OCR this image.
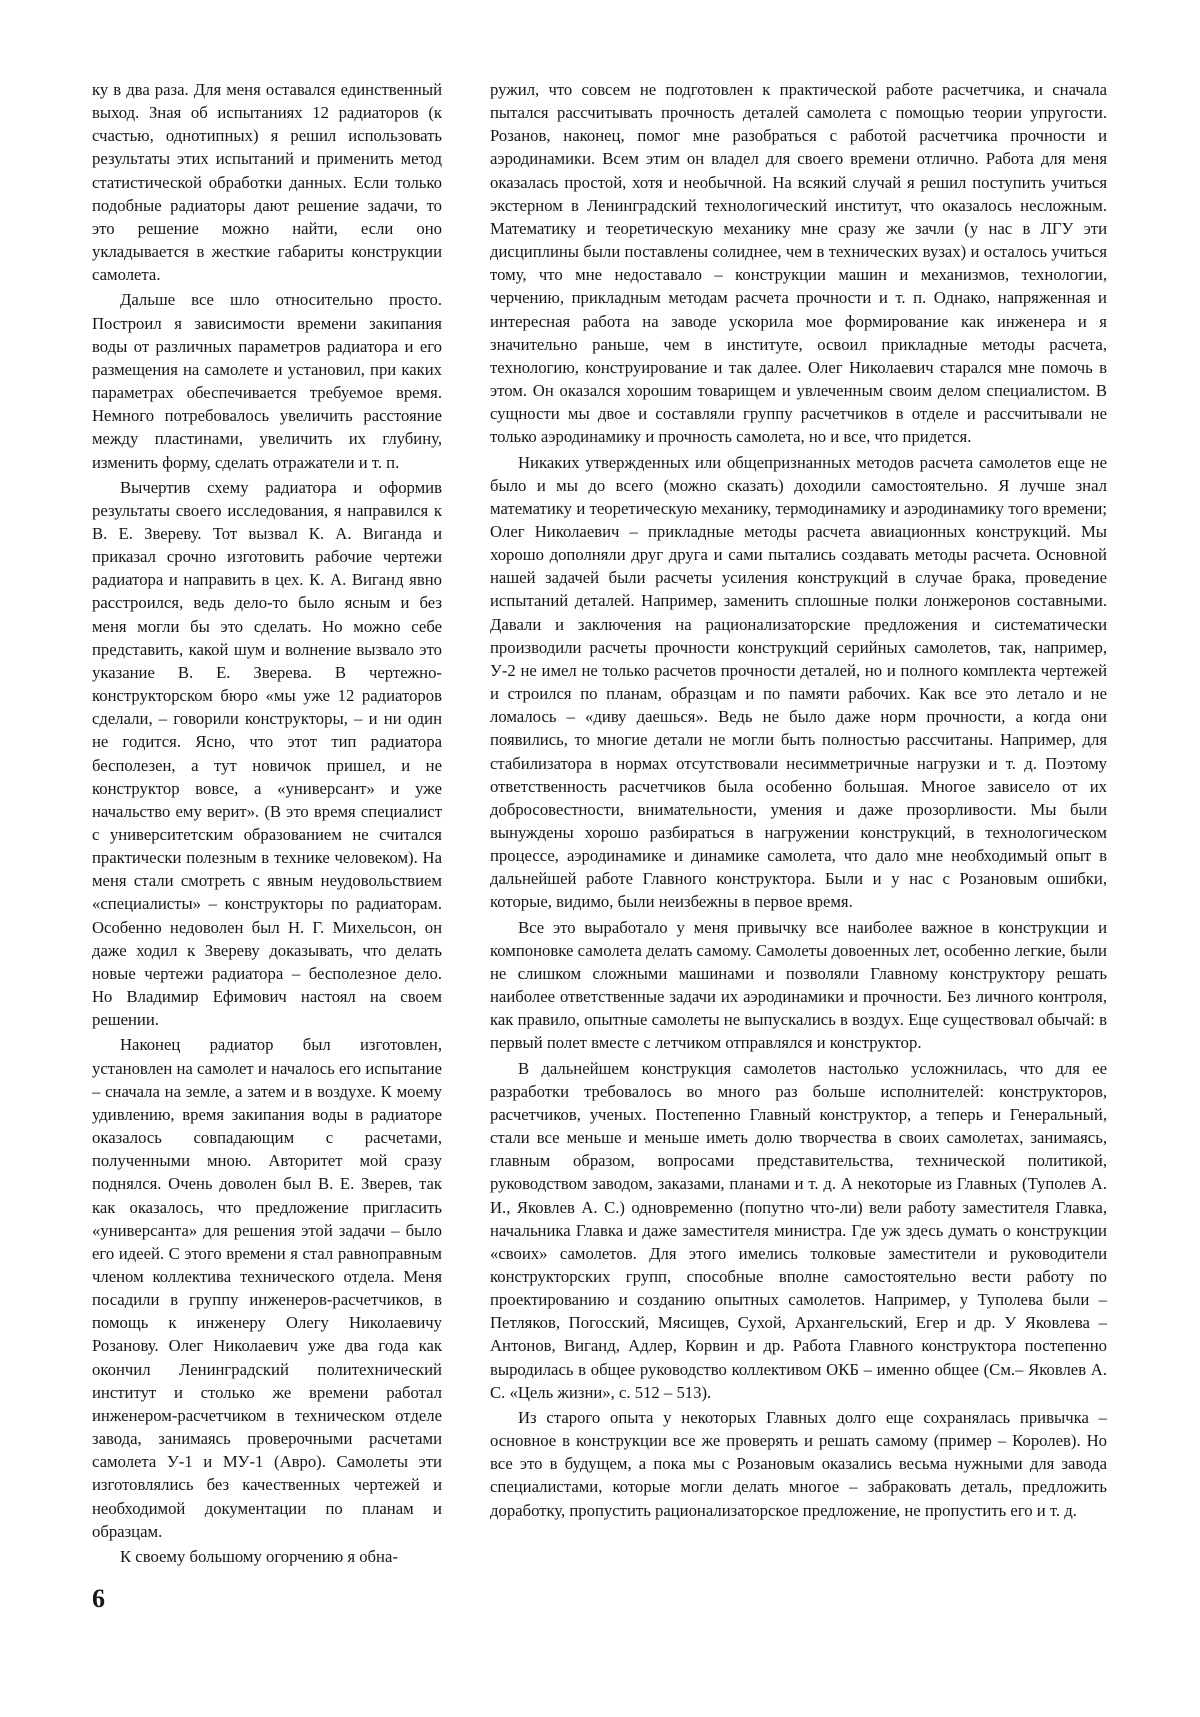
ку в два раза. Для меня оставался единственный выход. Зная об испытаниях 12 радиаторов (к счастью, однотипных) я решил использовать результаты этих испытаний и применить метод статистической обработки данных. Если только подобные радиаторы дают решение задачи, то это решение можно найти, если оно укладывается в жесткие габариты конструкции самолета.

Дальше все шло относительно просто. Построил я зависимости времени закипания воды от различных параметров радиатора и его размещения на самолете и установил, при каких параметрах обеспечивается требуемое время. Немного потребовалось увеличить расстояние между пластинами, увеличить их глубину, изменить форму, сделать отражатели и т. п.

Вычертив схему радиатора и оформив результаты своего исследования, я направился к В. Е. Звереву. Тот вызвал К. А. Виганда и приказал срочно изготовить рабочие чертежи радиатора и направить в цех. К. А. Виганд явно расстроился, ведь дело-то было ясным и без меня могли бы это сделать. Но можно себе представить, какой шум и волнение вызвало это указание В. Е. Зверева. В чертежно-конструкторском бюро «мы уже 12 радиаторов сделали, – говорили конструкторы, – и ни один не годится. Ясно, что этот тип радиатора бесполезен, а тут новичок пришел, и не конструктор вовсе, а «универсант» и уже начальство ему верит». (В это время специалист с университетским образованием не считался практически полезным в технике человеком). На меня стали смотреть с явным неудовольствием «специалисты» – конструкторы по радиаторам. Особенно недоволен был Н. Г. Михельсон, он даже ходил к Звереву доказывать, что делать новые чертежи радиатора – бесполезное дело. Но Владимир Ефимович настоял на своем решении.

Наконец радиатор был изготовлен, установлен на самолет и началось его испытание – сначала на земле, а затем и в воздухе. К моему удивлению, время закипания воды в радиаторе оказалось совпадающим с расчетами, полученными мною. Авторитет мой сразу поднялся. Очень доволен был В. Е. Зверев, так как оказалось, что предложение пригласить «универсанта» для решения этой задачи – было его идеей. С этого времени я стал равноправным членом коллектива технического отдела. Меня посадили в группу инженеров-расчетчиков, в помощь к инженеру Олегу Николаевичу Розанову. Олег Николаевич уже два года как окончил Ленинградский политехнический институт и столько же времени работал инженером-расчетчиком в техническом отделе завода, занимаясь проверочными расчетами самолета У-1 и МУ-1 (Авро). Самолеты эти изготовлялись без качественных чертежей и необходимой документации по планам и образцам.

К своему большому огорчению я обна-

ружил, что совсем не подготовлен к практической работе расчетчика, и сначала пытался рассчитывать прочность деталей самолета с помощью теории упругости. Розанов, наконец, помог мне разобраться с работой расчетчика прочности и аэродинамики. Всем этим он владел для своего времени отлично. Работа для меня оказалась простой, хотя и необычной. На всякий случай я решил поступить учиться экстерном в Ленинградский технологический институт, что оказалось несложным. Математику и теоретическую механику мне сразу же зачли (у нас в ЛГУ эти дисциплины были поставлены солиднее, чем в технических вузах) и осталось учиться тому, что мне недоставало – конструкции машин и механизмов, технологии, черчению, прикладным методам расчета прочности и т. п. Однако, напряженная и интересная работа на заводе ускорила мое формирование как инженера и я значительно раньше, чем в институте, освоил прикладные методы расчета, технологию, конструирование и так далее. Олег Николаевич старался мне помочь в этом. Он оказался хорошим товарищем и увлеченным своим делом специалистом. В сущности мы двое и составляли группу расчетчиков в отделе и рассчитывали не только аэродинамику и прочность самолета, но и все, что придется.

Никаких утвержденных или общепризнанных методов расчета самолетов еще не было и мы до всего (можно сказать) доходили самостоятельно. Я лучше знал математику и теоретическую механику, термодинамику и аэродинамику того времени; Олег Николаевич – прикладные методы расчета авиационных конструкций. Мы хорошо дополняли друг друга и сами пытались создавать методы расчета. Основной нашей задачей были расчеты усиления конструкций в случае брака, проведение испытаний деталей. Например, заменить сплошные полки лонжеронов составными. Давали и заключения на рационализаторские предложения и систематически производили расчеты прочности конструкций серийных самолетов, так, например, У-2 не имел не только расчетов прочности деталей, но и полного комплекта чертежей и строился по планам, образцам и по памяти рабочих. Как все это летало и не ломалось – «диву даешься». Ведь не было даже норм прочности, а когда они появились, то многие детали не могли быть полностью рассчитаны. Например, для стабилизатора в нормах отсутствовали несимметричные нагрузки и т. д. Поэтому ответственность расчетчиков была особенно большая. Многое зависело от их добросовестности, внимательности, умения и даже прозорливости. Мы были вынуждены хорошо разбираться в нагружении конструкций, в технологическом процессе, аэродинамике и динамике самолета, что дало мне необходимый опыт в дальнейшей работе Главного конструктора. Были и у нас с Розановым ошибки, которые, видимо, были неизбежны в первое время.

Все это выработало у меня привычку все наиболее важное в конструкции и компоновке самолета делать самому. Самолеты довоенных лет, особенно легкие, были не слишком сложными машинами и позволяли Главному конструктору решать наиболее ответственные задачи их аэродинамики и прочности. Без личного контроля, как правило, опытные самолеты не выпускались в воздух. Еще существовал обычай: в первый полет вместе с летчиком отправлялся и конструктор.

В дальнейшем конструкция самолетов настолько усложнилась, что для ее разработки требовалось во много раз больше исполнителей: конструкторов, расчетчиков, ученых. Постепенно Главный конструктор, а теперь и Генеральный, стали все меньше и меньше иметь долю творчества в своих самолетах, занимаясь, главным образом, вопросами представительства, технической политикой, руководством заводом, заказами, планами и т. д. А некоторые из Главных (Туполев А. И., Яковлев А. С.) одновременно (попутно что-ли) вели работу заместителя Главка, начальника Главка и даже заместителя министра. Где уж здесь думать о конструкции «своих» самолетов. Для этого имелись толковые заместители и руководители конструкторских групп, способные вполне самостоятельно вести работу по проектированию и созданию опытных самолетов. Например, у Туполева были – Петляков, Погосский, Мясищев, Сухой, Архангельский, Егер и др. У Яковлева – Антонов, Виганд, Адлер, Корвин и др. Работа Главного конструктора постепенно выродилась в общее руководство коллективом ОКБ – именно общее (См.– Яковлев А. С. «Цель жизни», с. 512 – 513).

Из старого опыта у некоторых Главных долго еще сохранялась привычка – основное в конструкции все же проверять и решать самому (пример – Королев). Но все это в будущем, а пока мы с Розановым оказались весьма нужными для завода специалистами, которые могли делать многое – забраковать деталь, предложить доработку, пропустить рационализаторское предложение, не пропустить его и т. д.

6
